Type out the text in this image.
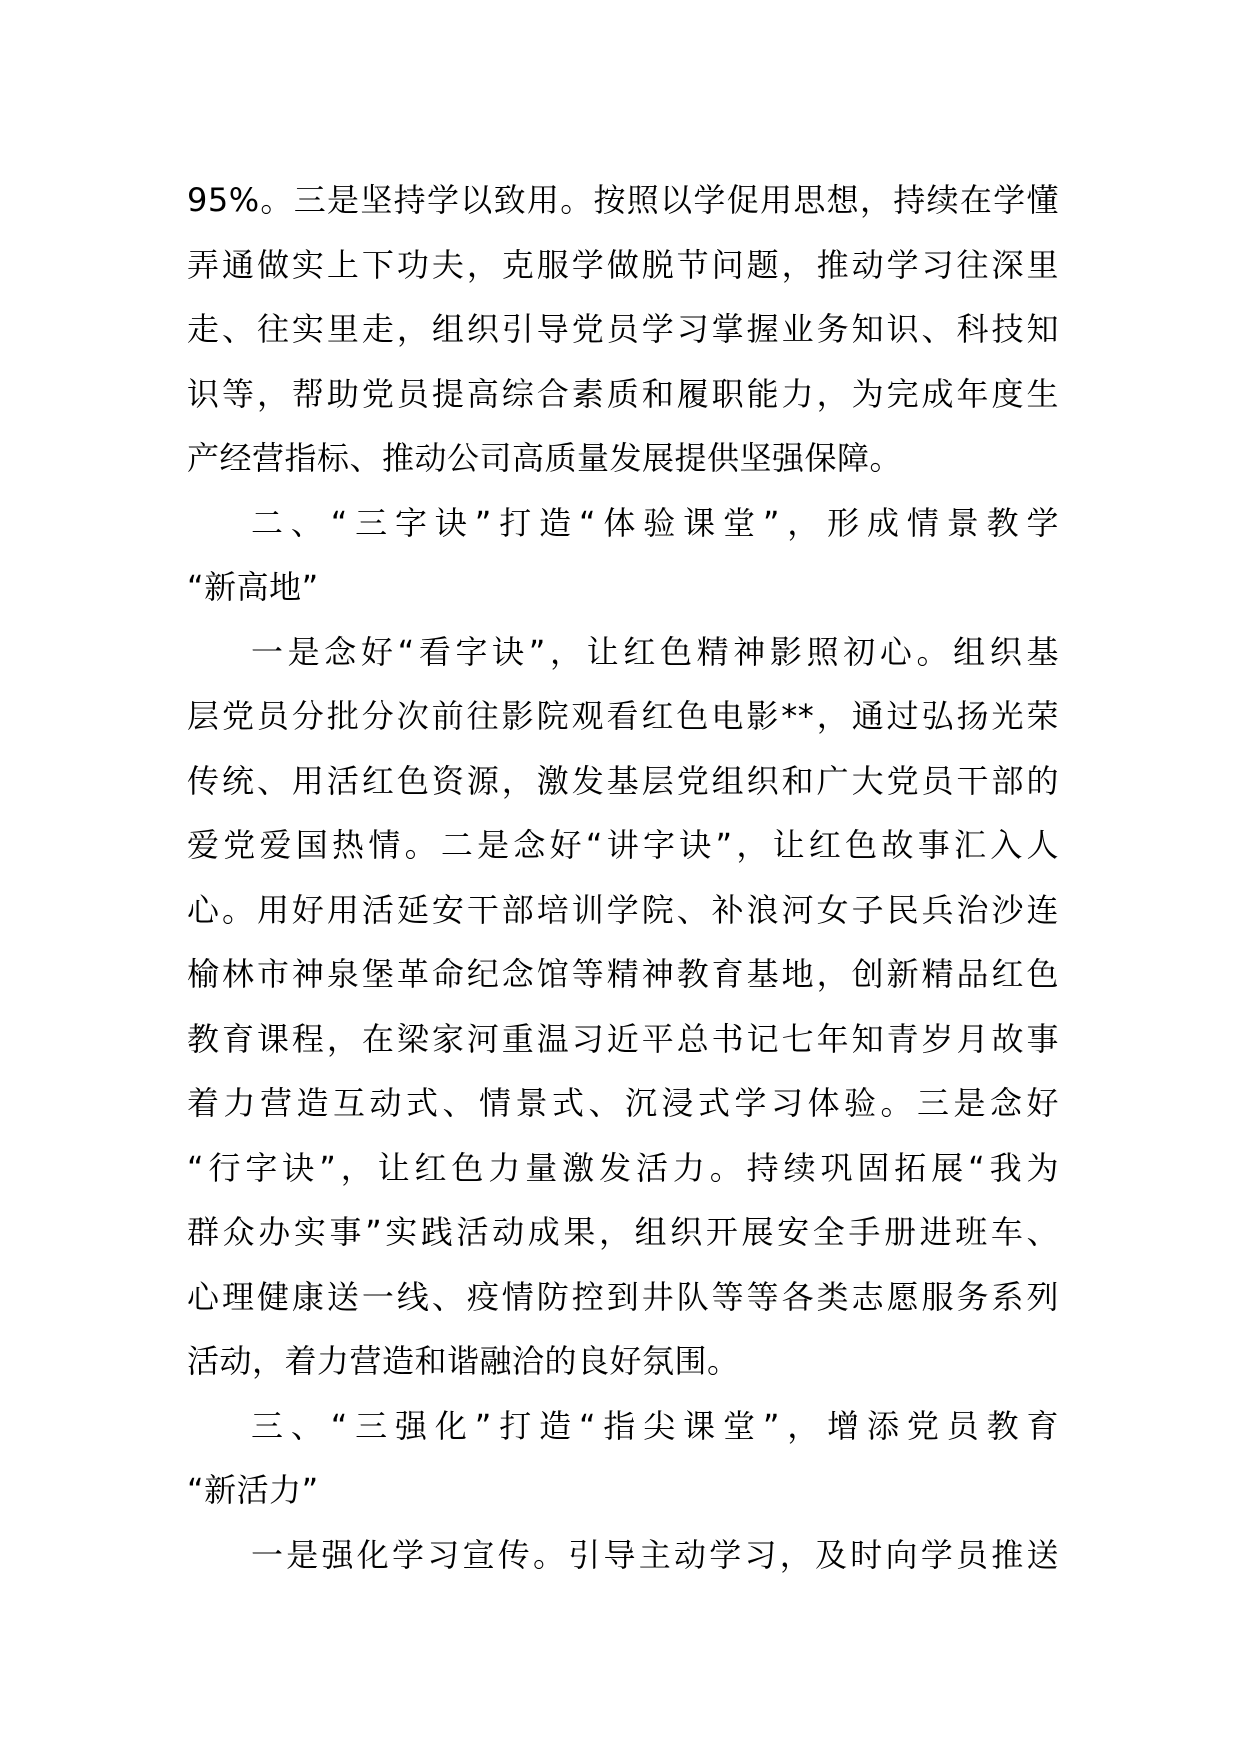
95%。三是坚持学以致用。按照以学促用思想，持续在学懂
弄通做实上下功夫，克服学做脱节问题，推动学习往深里
走、往实里走，组织引导党员学习掌握业务知识、科技知
识等，帮助党员提高综合素质和履职能力，为完成年度生
产经营指标、推动公司高质量发展提供坚强保障。
二、“三字诀”打造“体验课堂”，形成情景教学
“新高地”
一是念好“看字诀”，让红色精神影照初心。组织基
层党员分批分次前往影院观看红色电影**，通过弘扬光荣
传统、用活红色资源，激发基层党组织和广大党员干部的
爱党爱国热情。二是念好“讲字诀”，让红色故事汇入人
心。用好用活延安干部培训学院、补浪河女子民兵治沙连
榆林市神泉堡革命纪念馆等精神教育基地，创新精品红色
教育课程，在梁家河重温习近平总书记七年知青岁月故事
着力营造互动式、情景式、沉浸式学习体验。三是念好
“行字诀”，让红色力量激发活力。持续巩固拓展“我为
群众办实事”实践活动成果，组织开展安全手册进班车、
心理健康送一线、疫情防控到井队等等各类志愿服务系列
活动，着力营造和谐融洽的良好氛围。
三、“三强化”打造“指尖课堂”，增添党员教育
“新活力”
一是强化学习宣传。引导主动学习，及时向学员推送
